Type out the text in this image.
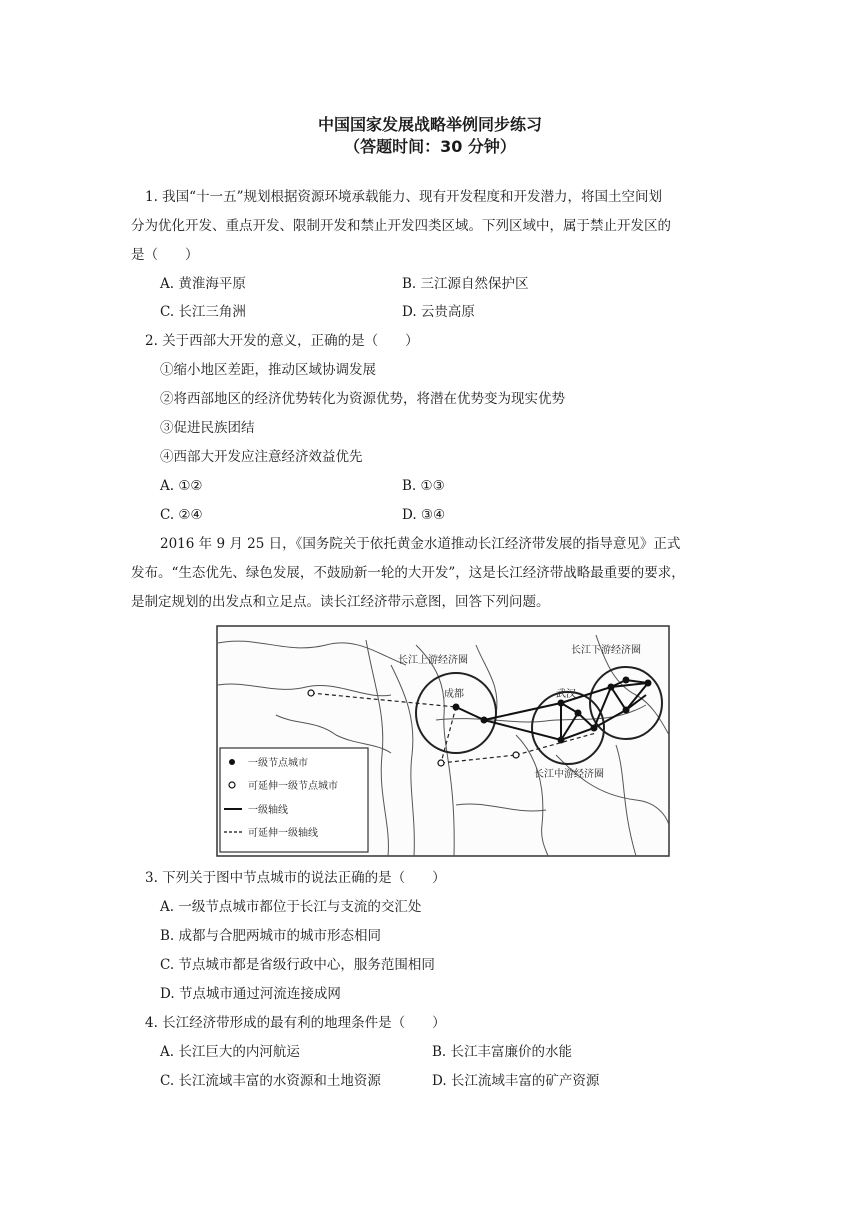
中国国家发展战略举例同步练习
（答题时间：30 分钟）
1. 我国“十一五”规划根据资源环境承载能力、现有开发程度和开发潜力，将国土空间划
分为优化开发、重点开发、限制开发和禁止开发四类区域。下列区域中，属于禁止开发区的
是（　　）
A. 黄淮海平原	B. 三江源自然保护区
C. 长江三角洲	D. 云贵高原
2. 关于西部大开发的意义，正确的是（　　）
①缩小地区差距，推动区域协调发展
②将西部地区的经济优势转化为资源优势，将潜在优势变为现实优势
③促进民族团结
④西部大开发应注意经济效益优先
A. ①②	B. ①③
C. ②④	D. ③④
2016 年 9 月 25 日，《国务院关于依托黄金水道推动长江经济带发展的指导意见》正式
发布。“生态优先、绿色发展，不鼓励新一轮的大开发”，这是长江经济带战略最重要的要求，
是制定规划的出发点和立足点。读长江经济带示意图，回答下列问题。
长江上游经济圈
长江下游经济圈
长江中游经济圈
成都	武汉
一级节点城市
可延伸一级节点城市
一级轴线
可延伸一级轴线
3. 下列关于图中节点城市的说法正确的是（　　）
A. 一级节点城市都位于长江与支流的交汇处
B. 成都与合肥两城市的城市形态相同
C. 节点城市都是省级行政中心，服务范围相同
D. 节点城市通过河流连接成网
4. 长江经济带形成的最有利的地理条件是（　　）
A. 长江巨大的内河航运	B. 长江丰富廉价的水能
C. 长江流域丰富的水资源和土地资源	D. 长江流域丰富的矿产资源
